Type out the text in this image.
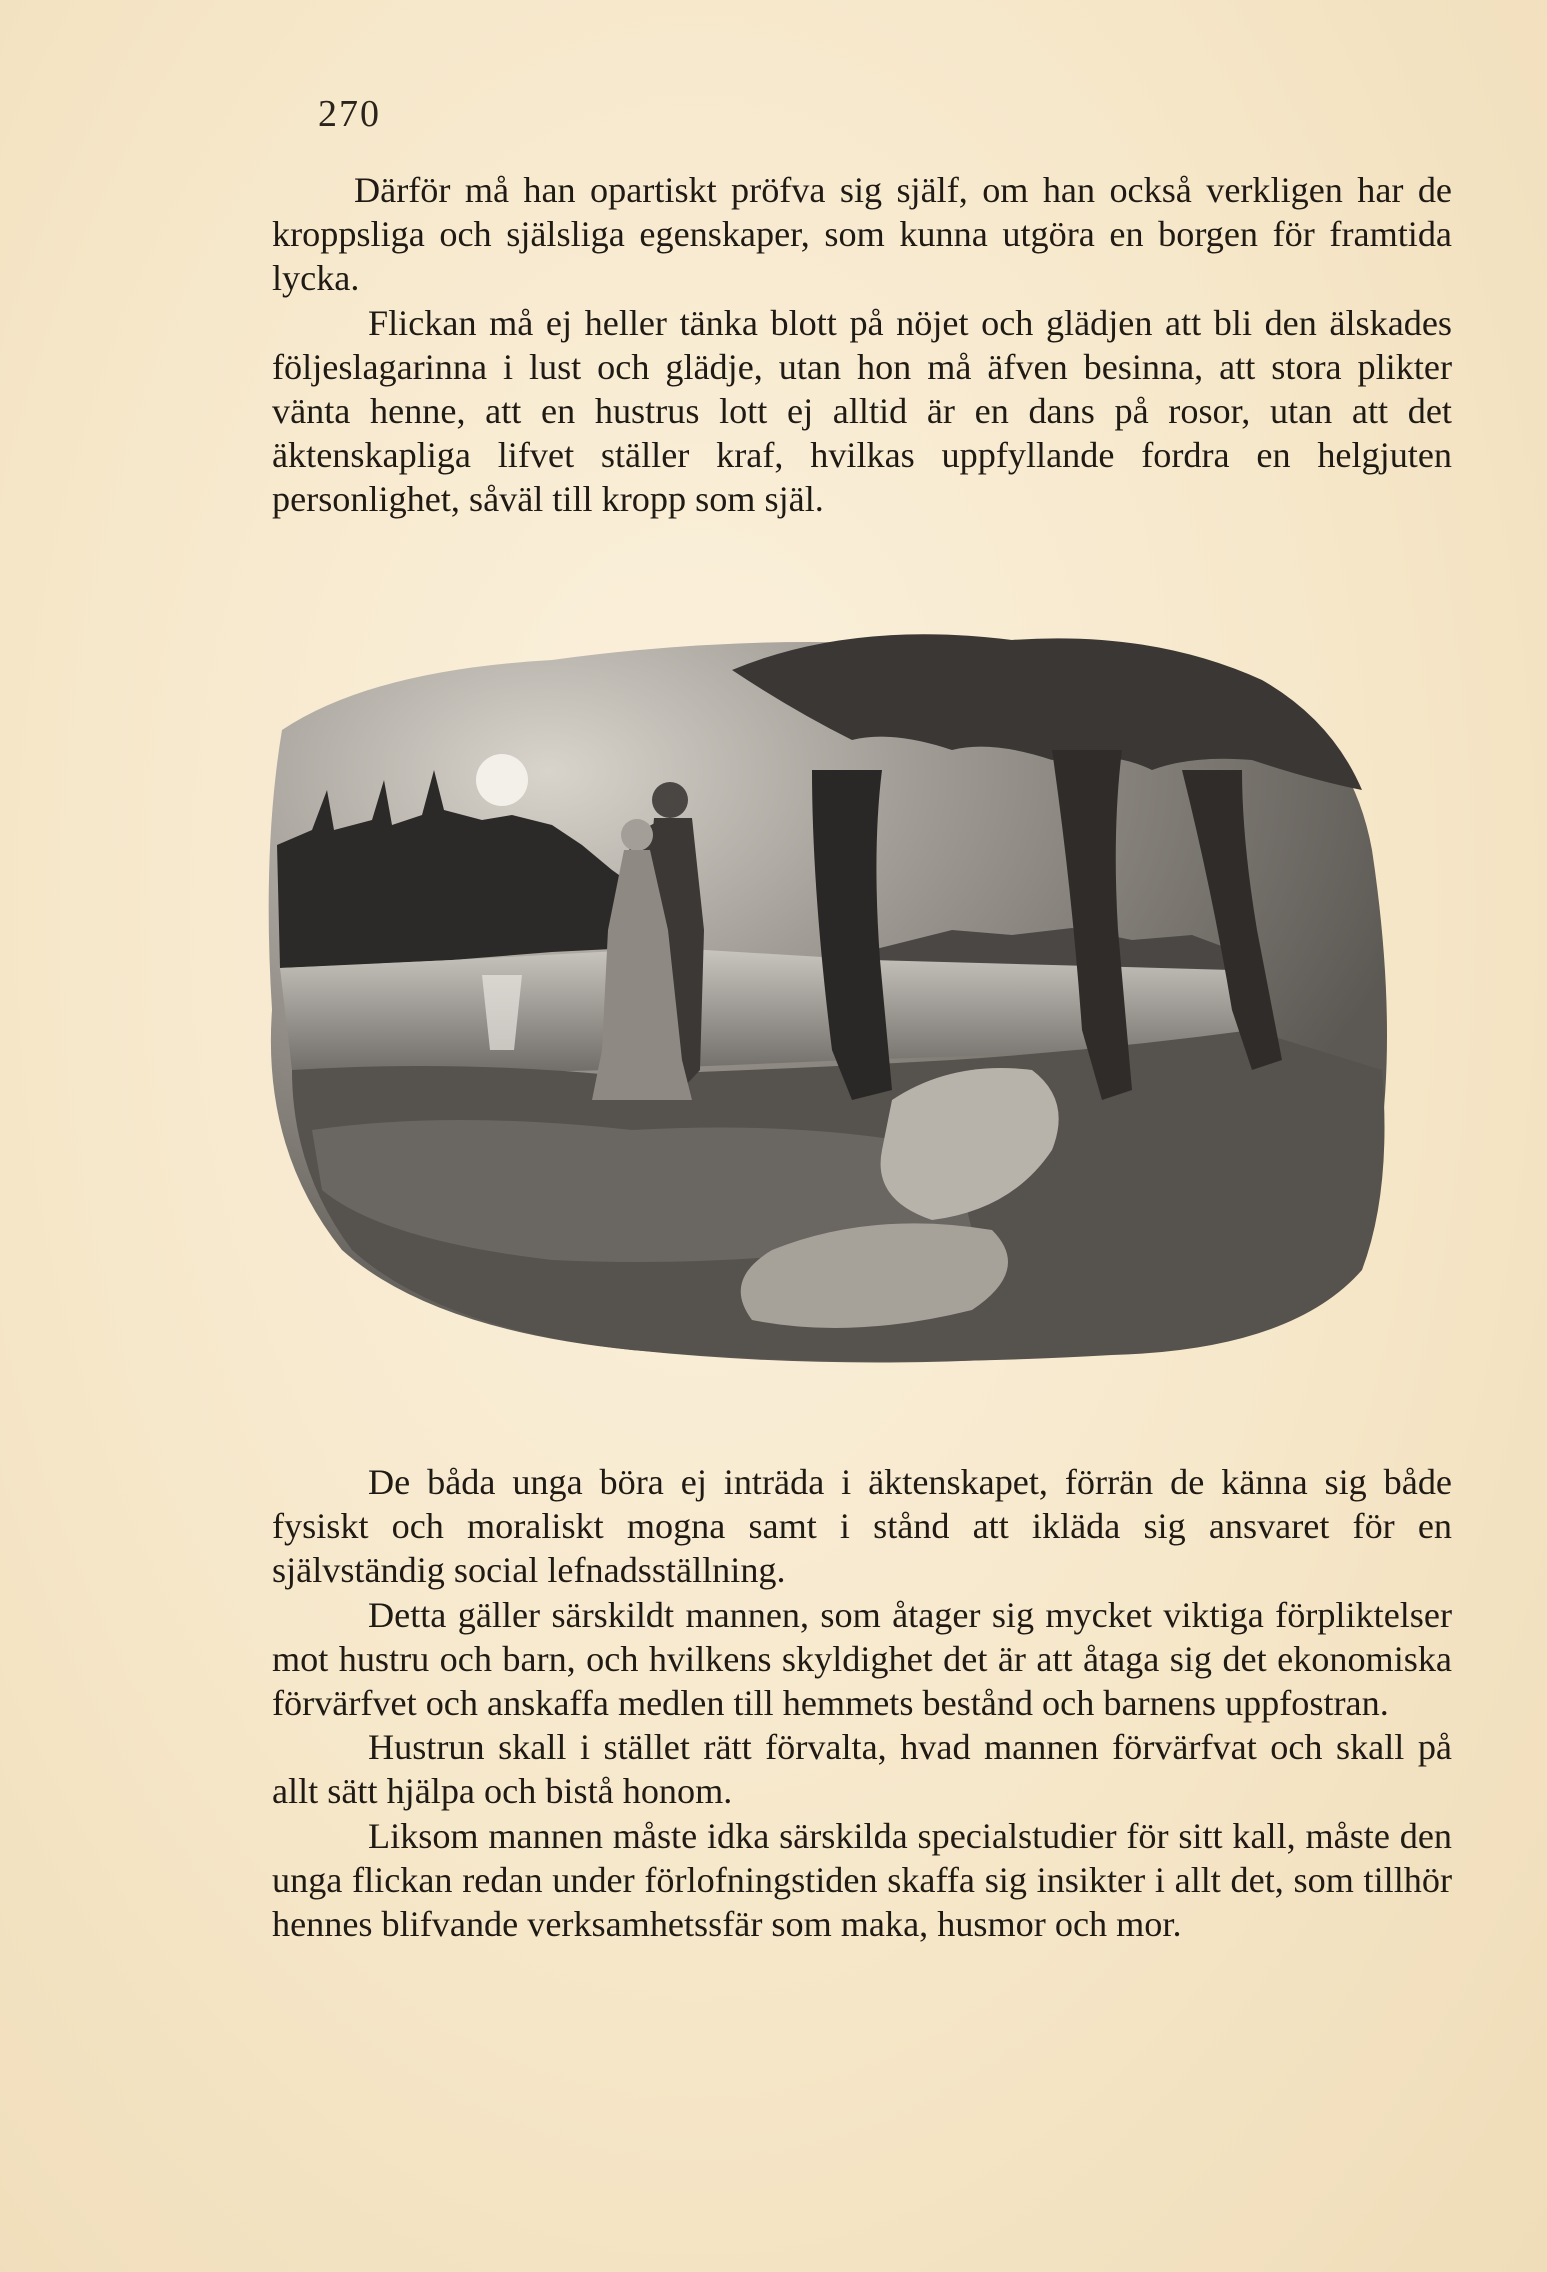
270

Därför må han opartiskt pröfva sig själf, om han också verkligen har de kroppsliga och själsliga egenskaper, som kunna utgöra en borgen för framtida lycka.

Flickan må ej heller tänka blott på nöjet och glädjen att bli den älskades följeslagarinna i lust och glädje, utan hon må äfven besinna, att stora plikter vänta henne, att en hustrus lott ej alltid är en dans på rosor, utan att det äktenskapliga lifvet ställer kraf, hvilkas uppfyllande fordra en helgjuten personlighet, såväl till kropp som själ.

De båda unga böra ej inträda i äktenskapet, förrän de känna sig både fysiskt och moraliskt mogna samt i stånd att ikläda sig ansvaret för en självständig social lefnadsställning.

Detta gäller särskildt mannen, som åtager sig mycket viktiga förpliktelser mot hustru och barn, och hvilkens skyldighet det är att åtaga sig det ekonomiska förvärfvet och anskaffa medlen till hemmets bestånd och barnens uppfostran.

Hustrun skall i stället rätt förvalta, hvad mannen förvärfvat och skall på allt sätt hjälpa och bistå honom.

Liksom mannen måste idka särskilda specialstudier för sitt kall, måste den unga flickan redan under förlofningstiden skaffa sig insikter i allt det, som tillhör hennes blifvande verksamhetssfär som maka, husmor och mor.
